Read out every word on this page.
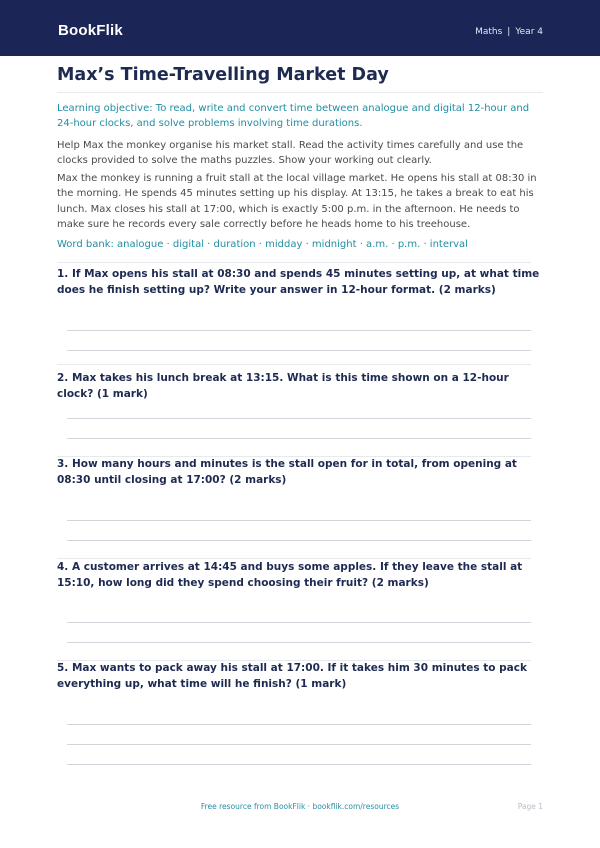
BookFlik	Maths | Year 4
Max’s Time-Travelling Market Day

Learning objective: To read, write and convert time between analogue and digital 12-hour and 24-hour clocks, and solve problems involving time durations.

Help Max the monkey organise his market stall. Read the activity times carefully and use the clocks provided to solve the maths puzzles. Show your working out clearly.

Max the monkey is running a fruit stall at the local village market. He opens his stall at 08:30 in the morning. He spends 45 minutes setting up his display. At 13:15, he takes a break to eat his lunch. Max closes his stall at 17:00, which is exactly 5:00 p.m. in the afternoon. He needs to make sure he records every sale correctly before he heads home to his treehouse.

Word bank: analogue · digital · duration · midday · midnight · a.m. · p.m. · interval

1. If Max opens his stall at 08:30 and spends 45 minutes setting up, at what time does he finish setting up? Write your answer in 12-hour format. (2 marks)

2. Max takes his lunch break at 13:15. What is this time shown on a 12-hour clock? (1 mark)

3. How many hours and minutes is the stall open for in total, from opening at 08:30 until closing at 17:00? (2 marks)

4. A customer arrives at 14:45 and buys some apples. If they leave the stall at 15:10, how long did they spend choosing their fruit? (2 marks)

5. Max wants to pack away his stall at 17:00. If it takes him 30 minutes to pack everything up, what time will he finish? (1 mark)

Free resource from BookFlik · bookflik.com/resources	Page 1
